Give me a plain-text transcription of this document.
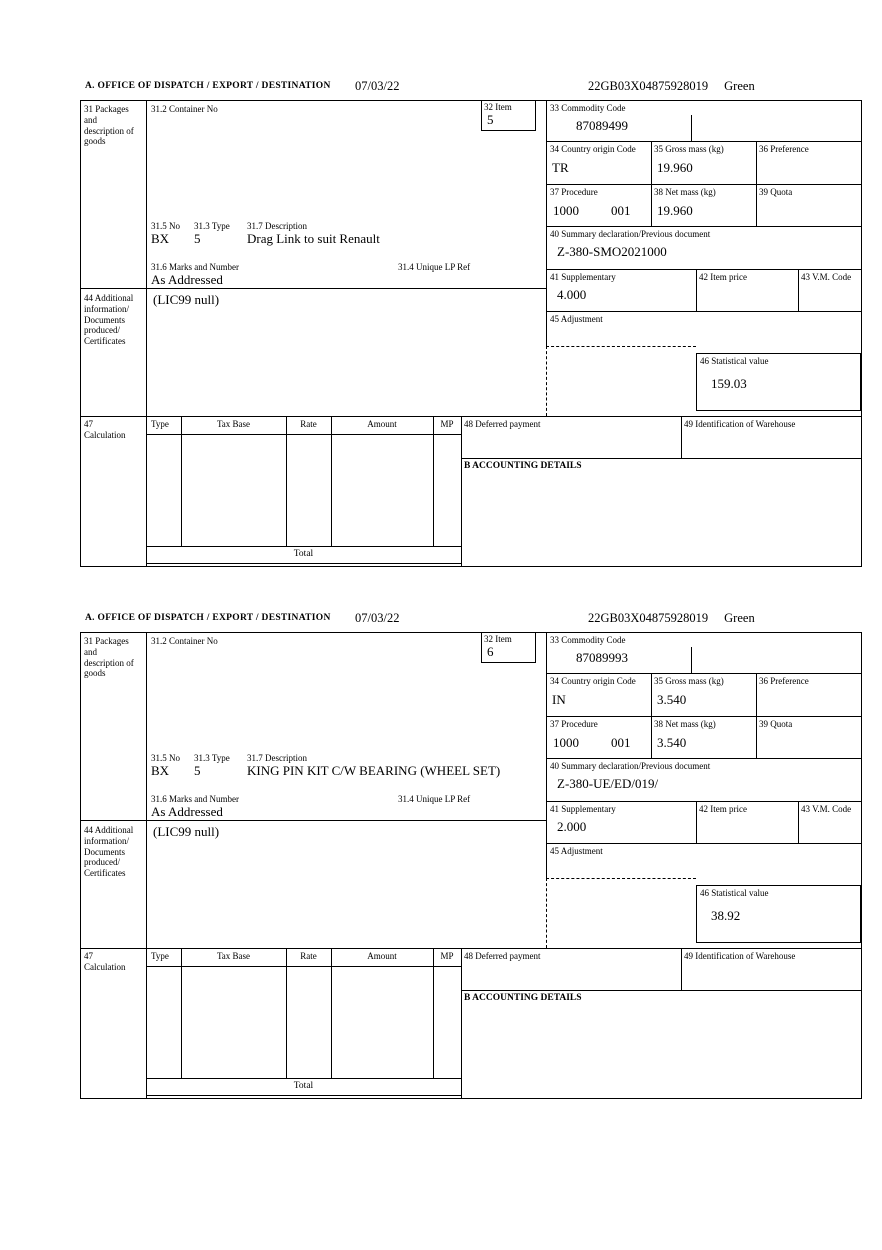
A. OFFICE OF DISPATCH / EXPORT / DESTINATION 07/03/22	22GB03X04875928019 Green
31 Packages and description of goods
44 Additional information/ Documents produced/ Certificates
47 Calculation
31.2 Container No	32 Item
5
31.5 No 31.3 Type 31.7 Description
BX 5	Drag Link to suit Renault
31.6 Marks and Number	31.4 Unique LP Ref
As Addressed
(LIC99 null)
33 Commodity Code
87089499
34 Country origin Code
TR
35 Gross mass (kg)
19.960
36 Preference
37 Procedure
1000 001
38 Net mass (kg)
19.960
39 Quota
40 Summary declaration/Previous document
Z-380-SMO2021000
41 Supplementary
4.000
42 Item price	43 V.M. Code
45 Adjustment
46 Statistical value
159.03
Type	Tax Base	Rate	Amount	MP
Total
48 Deferred payment	49 Identification of Warehouse
B ACCOUNTING DETAILS
A. OFFICE OF DISPATCH / EXPORT / DESTINATION 07/03/22	22GB03X04875928019 Green
31 Packages and description of goods
44 Additional information/ Documents produced/ Certificates
47 Calculation
31.2 Container No	32 Item
6
31.5 No 31.3 Type 31.7 Description
BX 5	KING PIN KIT C/W BEARING (WHEEL SET)
31.6 Marks and Number	31.4 Unique LP Ref
As Addressed
(LIC99 null)
33 Commodity Code
87089993
34 Country origin Code
IN
35 Gross mass (kg)
3.540
36 Preference
37 Procedure
1000 001
38 Net mass (kg)
3.540
39 Quota
40 Summary declaration/Previous document
Z-380-UE/ED/019/
41 Supplementary
2.000
42 Item price	43 V.M. Code
45 Adjustment
46 Statistical value
38.92
Type	Tax Base	Rate	Amount	MP
Total
48 Deferred payment	49 Identification of Warehouse
B ACCOUNTING DETAILS
